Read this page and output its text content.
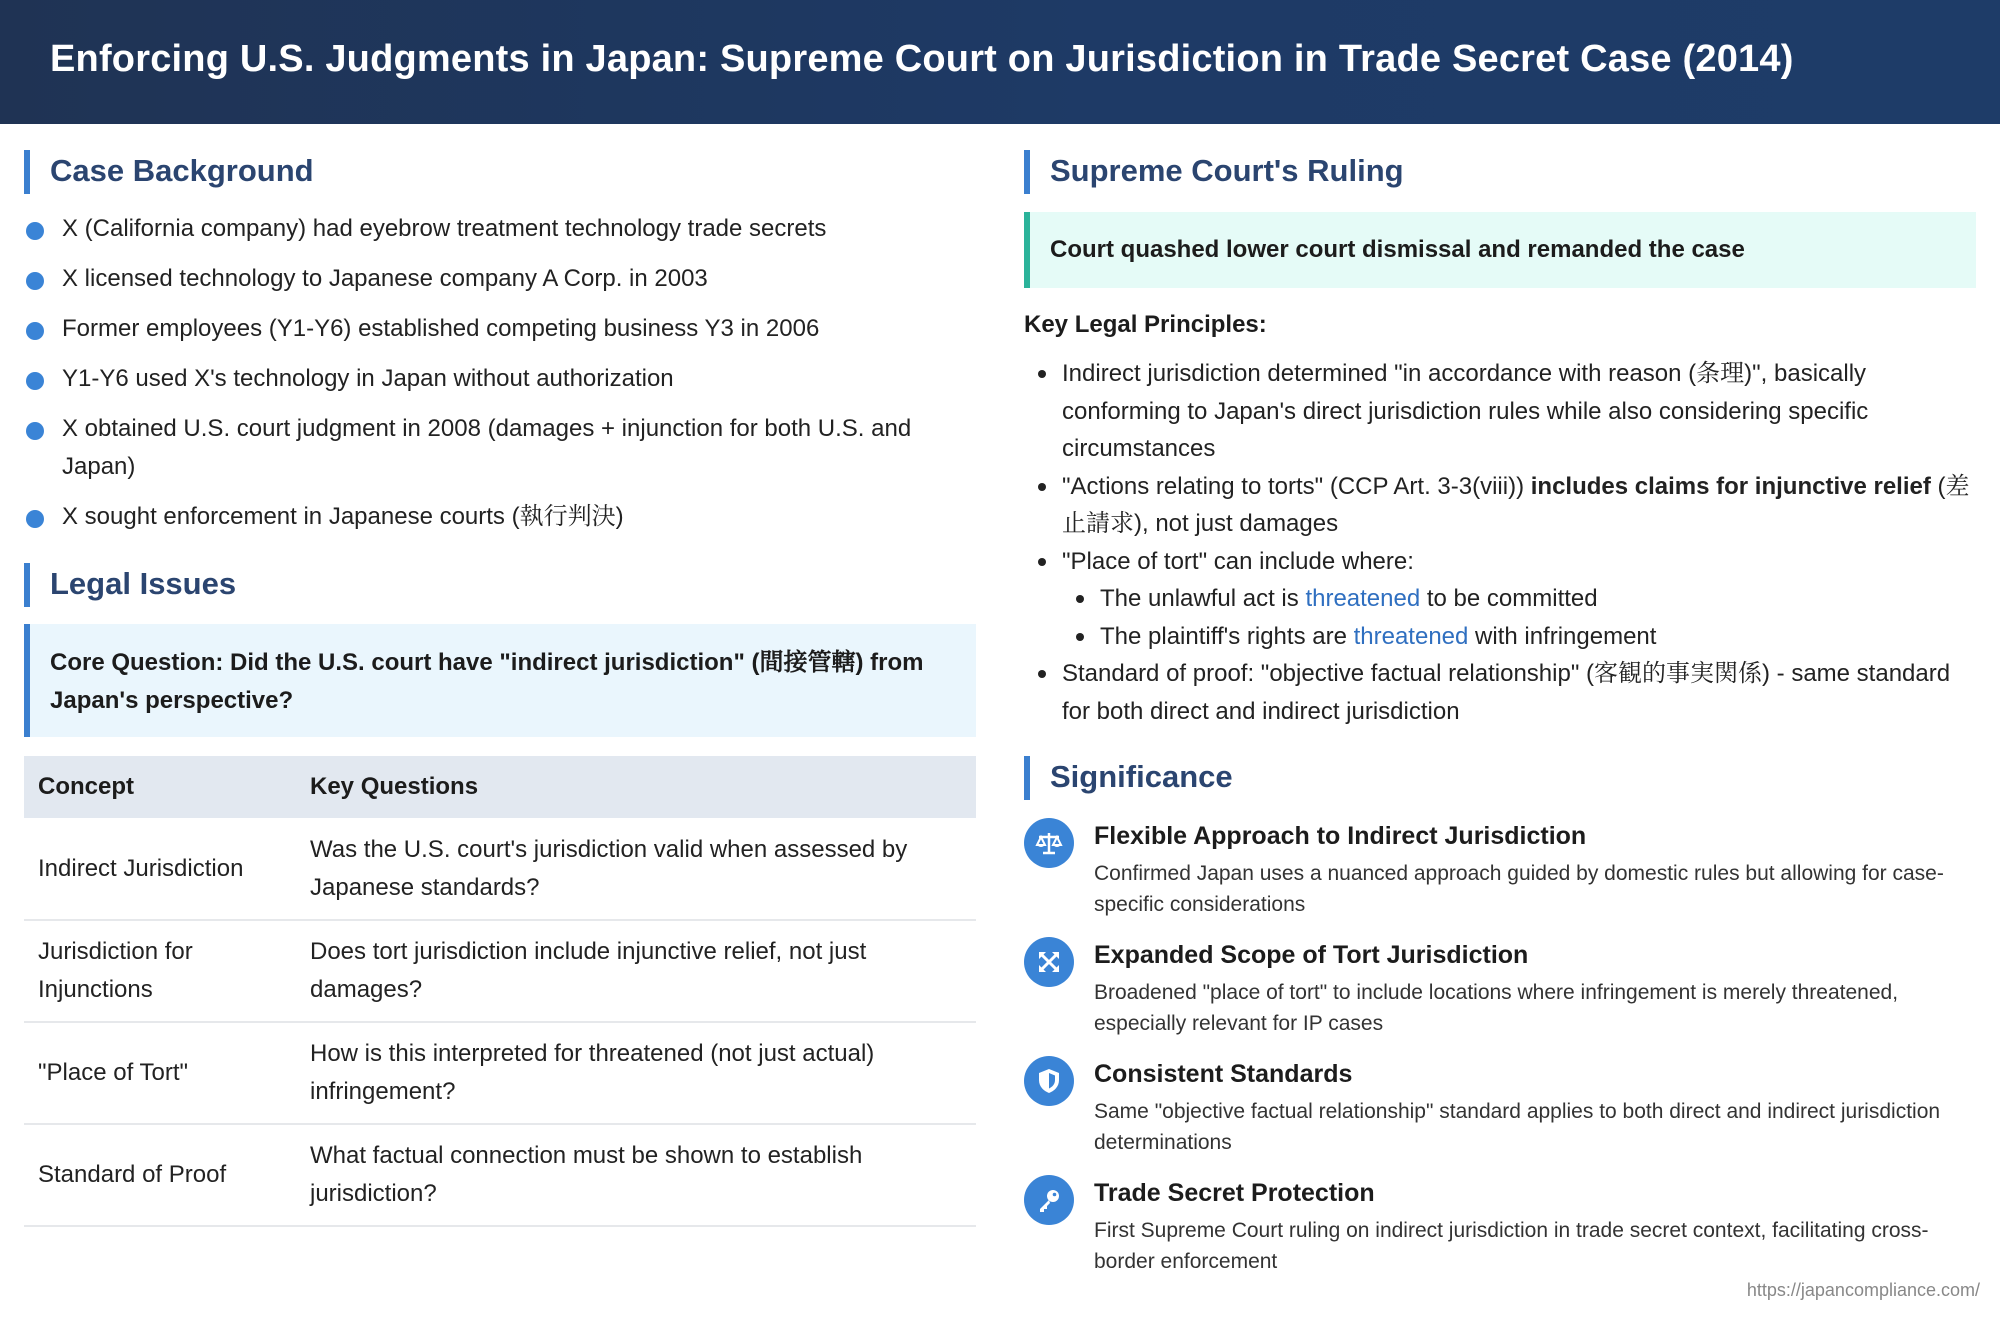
Enforcing U.S. Judgments in Japan: Supreme Court on Jurisdiction in Trade Secret Case (2014)
Case Background
X (California company) had eyebrow treatment technology trade secrets
X licensed technology to Japanese company A Corp. in 2003
Former employees (Y1-Y6) established competing business Y3 in 2006
Y1-Y6 used X's technology in Japan without authorization
X obtained U.S. court judgment in 2008 (damages + injunction for both U.S. and Japan)
X sought enforcement in Japanese courts (執行判決)
Legal Issues
Core Question: Did the U.S. court have "indirect jurisdiction" (間接管轄) from Japan's perspective?
Concept	Key Questions
Indirect Jurisdiction	Was the U.S. court's jurisdiction valid when assessed by Japanese standards?
Jurisdiction for Injunctions	Does tort jurisdiction include injunctive relief, not just damages?
"Place of Tort"	How is this interpreted for threatened (not just actual) infringement?
Standard of Proof	What factual connection must be shown to establish jurisdiction?
Supreme Court's Ruling
Court quashed lower court dismissal and remanded the case
Key Legal Principles:
Indirect jurisdiction determined "in accordance with reason (条理)", basically conforming to Japan's direct jurisdiction rules while also considering specific circumstances
"Actions relating to torts" (CCP Art. 3-3(viii)) includes claims for injunctive relief (差止請求), not just damages
"Place of tort" can include where:
The unlawful act is threatened to be committed
The plaintiff's rights are threatened with infringement
Standard of proof: "objective factual relationship" (客観的事実関係) - same standard for both direct and indirect jurisdiction
Significance
Flexible Approach to Indirect Jurisdiction
Confirmed Japan uses a nuanced approach guided by domestic rules but allowing for case-specific considerations
Expanded Scope of Tort Jurisdiction
Broadened "place of tort" to include locations where infringement is merely threatened, especially relevant for IP cases
Consistent Standards
Same "objective factual relationship" standard applies to both direct and indirect jurisdiction determinations
Trade Secret Protection
First Supreme Court ruling on indirect jurisdiction in trade secret context, facilitating cross-border enforcement
https://japancompliance.com/
